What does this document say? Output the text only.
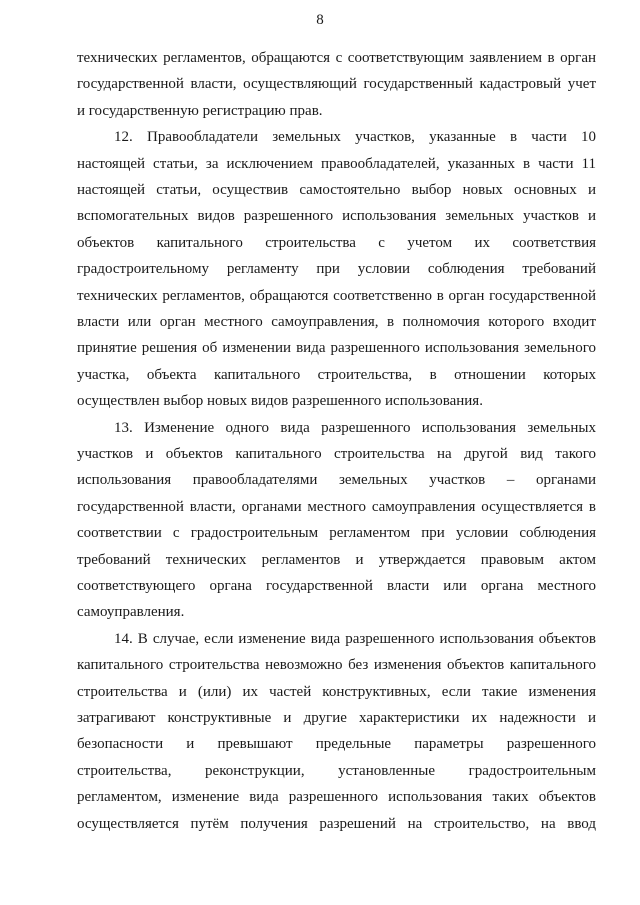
8
технических регламентов, обращаются с соответствующим заявлением в орган
государственной власти, осуществляющий государственный кадастровый учет
и государственную регистрацию прав.
12. Правообладатели земельных участков, указанные в части 10
настоящей статьи, за исключением правообладателей, указанных в части 11
настоящей статьи, осуществив самостоятельно выбор новых основных и
вспомогательных видов разрешенного использования земельных участков и
объектов капитального строительства с учетом их соответствия
градостроительному регламенту при условии соблюдения требований
технических регламентов, обращаются соответственно в орган государственной
власти или орган местного самоуправления, в полномочия которого входит
принятие решения об изменении вида разрешенного использования земельного
участка, объекта капитального строительства, в отношении которых
осуществлен выбор новых видов разрешенного использования.
13. Изменение одного вида разрешенного использования земельных
участков и объектов капитального строительства на другой вид такого
использования правообладателями земельных участков – органами
государственной власти, органами местного самоуправления осуществляется в
соответствии с градостроительным регламентом при условии соблюдения
требований технических регламентов и утверждается правовым актом
соответствующего органа государственной власти или органа местного
самоуправления.
14. В случае, если изменение вида разрешенного использования объектов
капитального строительства невозможно без изменения объектов капитального
строительства и (или) их частей конструктивных, если такие изменения
затрагивают конструктивные и другие характеристики их надежности и
безопасности и превышают предельные параметры разрешенного
строительства, реконструкции, установленные градостроительным
регламентом, изменение вида разрешенного использования таких объектов
осуществляется путём получения разрешений на строительство, на ввод
